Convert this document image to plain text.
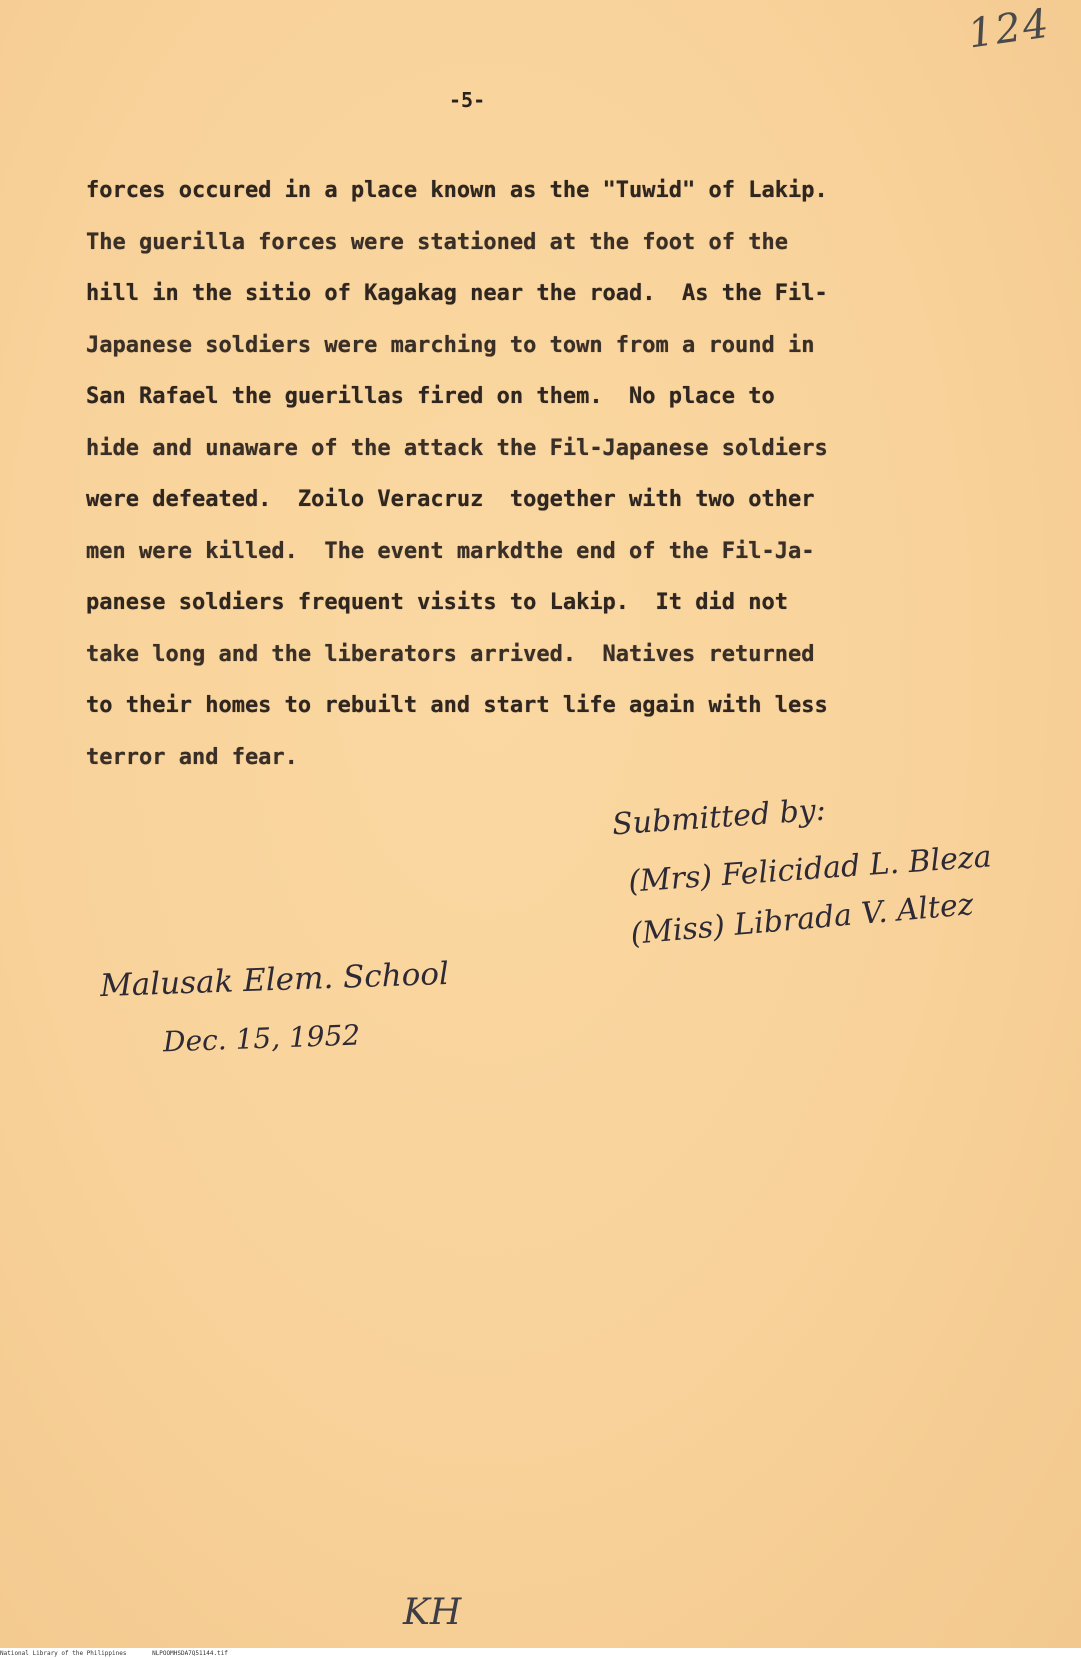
124
-5-
forces occured in a place known as the "Tuwid" of Lakip.
The guerilla forces were stationed at the foot of the
hill in the sitio of Kagakag near the road.  As the Fil-
Japanese soldiers were marching to town from a round in
San Rafael the guerillas fired on them.  No place to
hide and unaware of the attack the Fil-Japanese soldiers
were defeated.  Zoilo Veracruz  together with two other
men were killed.  The event markdthe end of the Fil-Ja-
panese soldiers frequent visits to Lakip.  It did not
take long and the liberators arrived.  Natives returned
to their homes to rebuilt and start life again with less
terror and fear.
Submitted by:
(Mrs) Felicidad L. Bleza
(Miss) Librada V. Altez
Malusak Elem. School
Dec. 15, 1952
KH
National Library of the Philippines	NLPOOMHSDA7Q51144.tif
